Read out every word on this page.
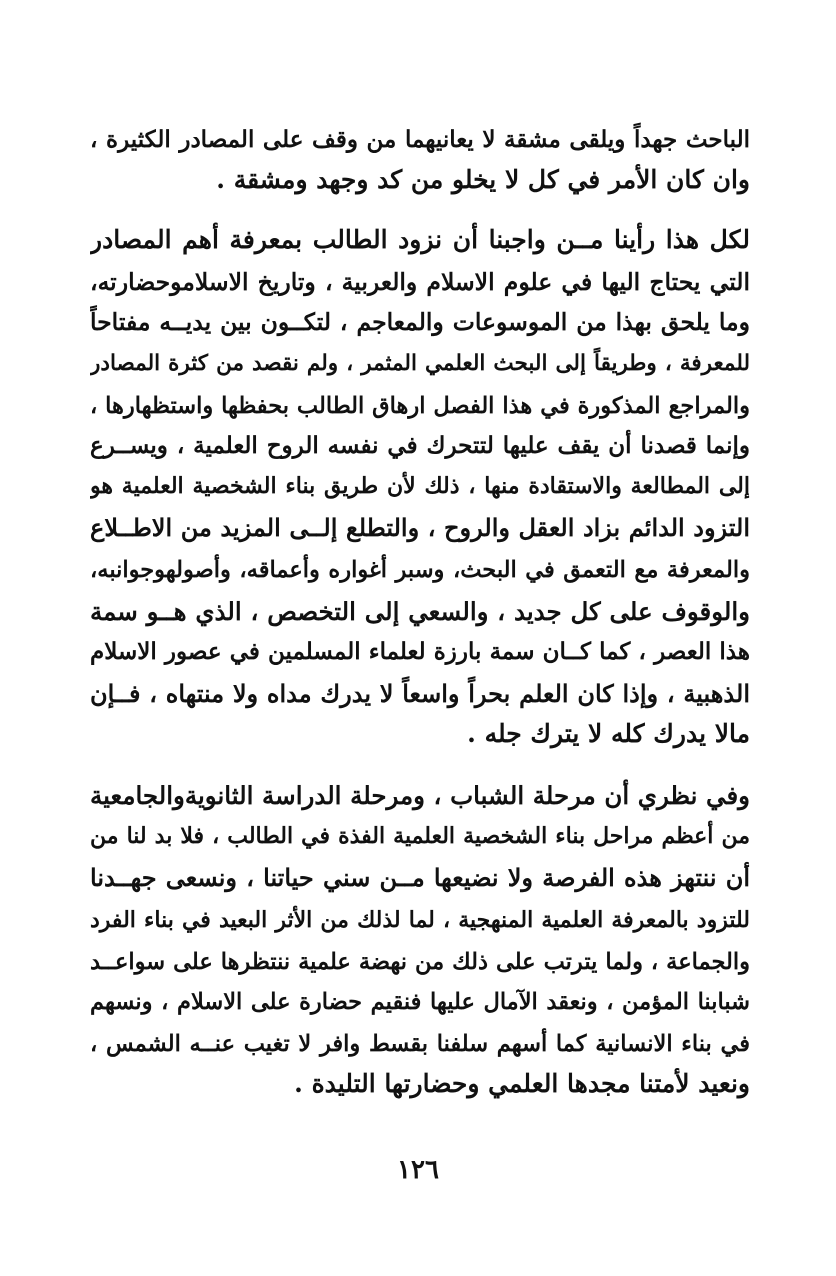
الباحث جهداً ويلقى مشقة لا يعانيهما من وقف على المصادر الكثيرة ،
وان كان الأمر في كل لا يخلو من كد وجهد ومشقة .
لكل هذا رأينا مــن واجبنا أن نزود الطالب بمعرفة أهم المصادر
التي يحتاج اليها في علوم الاسلام والعربية ، وتاريخ الاسلاموحضارته،
وما يلحق بهذا من الموسوعات والمعاجم ، لتكــون بين يديــه مفتاحاً
للمعرفة ، وطريقاً إلى البحث العلمي المثمر ، ولم نقصد من كثرة المصادر
والمراجع المذكورة في هذا الفصل ارهاق الطالب بحفظها واستظهارها ،
وإنما قصدنا أن يقف عليها لتتحرك في نفسه الروح العلمية ، ويســرع
إلى المطالعة والاستقادة منها ، ذلك لأن طريق بناء الشخصية العلمية هو
التزود الدائم بزاد العقل والروح ، والتطلع إلــى المزيد من الاطــلاع
والمعرفة مع التعمق في البحث، وسبر أغواره وأعماقه، وأصولهوجوانبه،
والوقوف على كل جديد ، والسعي إلى التخصص ، الذي هــو سمة
هذا العصر ، كما كــان سمة بارزة لعلماء المسلمين في عصور الاسلام
الذهبية ، وإذا كان العلم بحراً واسعاً لا يدرك مداه ولا منتهاه ، فــإن
مالا يدرك كله لا يترك جله .
وفي نظري أن مرحلة الشباب ، ومرحلة الدراسة الثانويةوالجامعية
من أعظم مراحل بناء الشخصية العلمية الفذة في الطالب ، فلا بد لنا من
أن ننتهز هذه الفرصة ولا نضيعها مــن سني حياتنا ، ونسعى جهــدنا
للتزود بالمعرفة العلمية المنهجية ، لما لذلك من الأثر البعيد في بناء الفرد
والجماعة ، ولما يترتب على ذلك من نهضة علمية ننتظرها على سواعــد
شبابنا المؤمن ، ونعقد الآمال عليها فنقيم حضارة على الاسلام ، ونسهم
في بناء الانسانية كما أسهم سلفنا بقسط وافر لا تغيب عنــه الشمس ،
ونعيد لأمتنا مجدها العلمي وحضارتها التليدة .
١٢٦
